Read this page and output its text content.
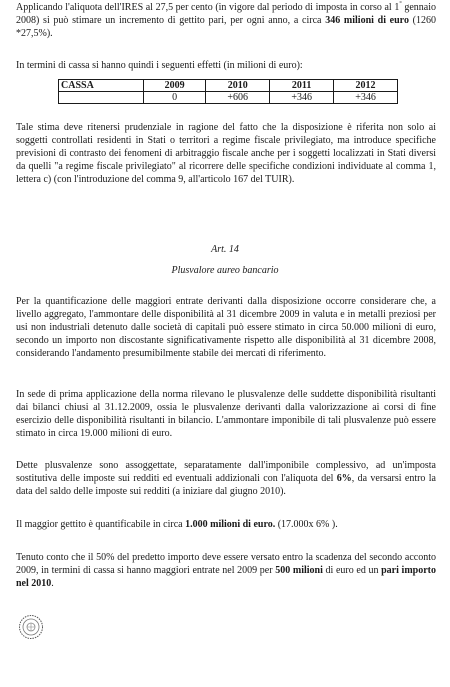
Applicando l'aliquota dell'IRES al 27,5 per cento (in vigore dal periodo di imposta in corso al 1° gennaio 2008) si può stimare un incremento di gettito pari, per ogni anno, a circa 346 milioni di euro (1260 *27,5%).

In termini di cassa si hanno quindi i seguenti effetti (in milioni di euro):

CASSA	2009	2010	2011	2012
	0	+606	+346	+346

Tale stima deve ritenersi prudenziale in ragione del fatto che la disposizione è riferita non solo ai soggetti controllati residenti in Stati o territori a regime fiscale privilegiato, ma introduce specifiche previsioni di contrasto dei fenomeni di arbitraggio fiscale anche per i soggetti localizzati in Stati diversi da quelli "a regime fiscale privilegiato" al ricorrere delle specifiche condizioni individuate al comma 1, lettera c) (con l'introduzione del comma 9, all'articolo 167 del TUIR).

Art. 14

Plusvalore aureo bancario

Per la quantificazione delle maggiori entrate derivanti dalla disposizione occorre considerare che, a livello aggregato, l'ammontare delle disponibilità al 31 dicembre 2009 in valuta e in metalli preziosi per usi non industriali detenuto dalle società di capitali può essere stimato in circa 50.000 milioni di euro, secondo un importo non discostante significativamente rispetto alle disponibilità al 31 dicembre 2008, considerando l'andamento presumibilmente stabile dei mercati di riferimento.

In sede di prima applicazione della norma rilevano le plusvalenze delle suddette disponibilità risultanti dai bilanci chiusi al 31.12.2009, ossia le plusvalenze derivanti dalla valorizzazione ai corsi di fine esercizio delle disponibilità risultanti in bilancio. L'ammontare imponibile di tali plusvalenze può essere stimato in circa 19.000 milioni di euro.

Dette plusvalenze sono assoggettate, separatamente dall'imponibile complessivo, ad un'imposta sostitutiva delle imposte sui redditi ed eventuali addizionali con l'aliquota del 6%, da versarsi entro la data del saldo delle imposte sui redditi (a iniziare dal giugno 2010).

Il maggior gettito è quantificabile in circa 1.000 milioni di euro. (17.000x 6% ).

Tenuto conto che il 50% del predetto importo deve essere versato entro la scadenza del secondo acconto 2009, in termini di cassa si hanno maggiori entrate nel 2009 per 500 milioni di euro ed un pari importo nel 2010.
